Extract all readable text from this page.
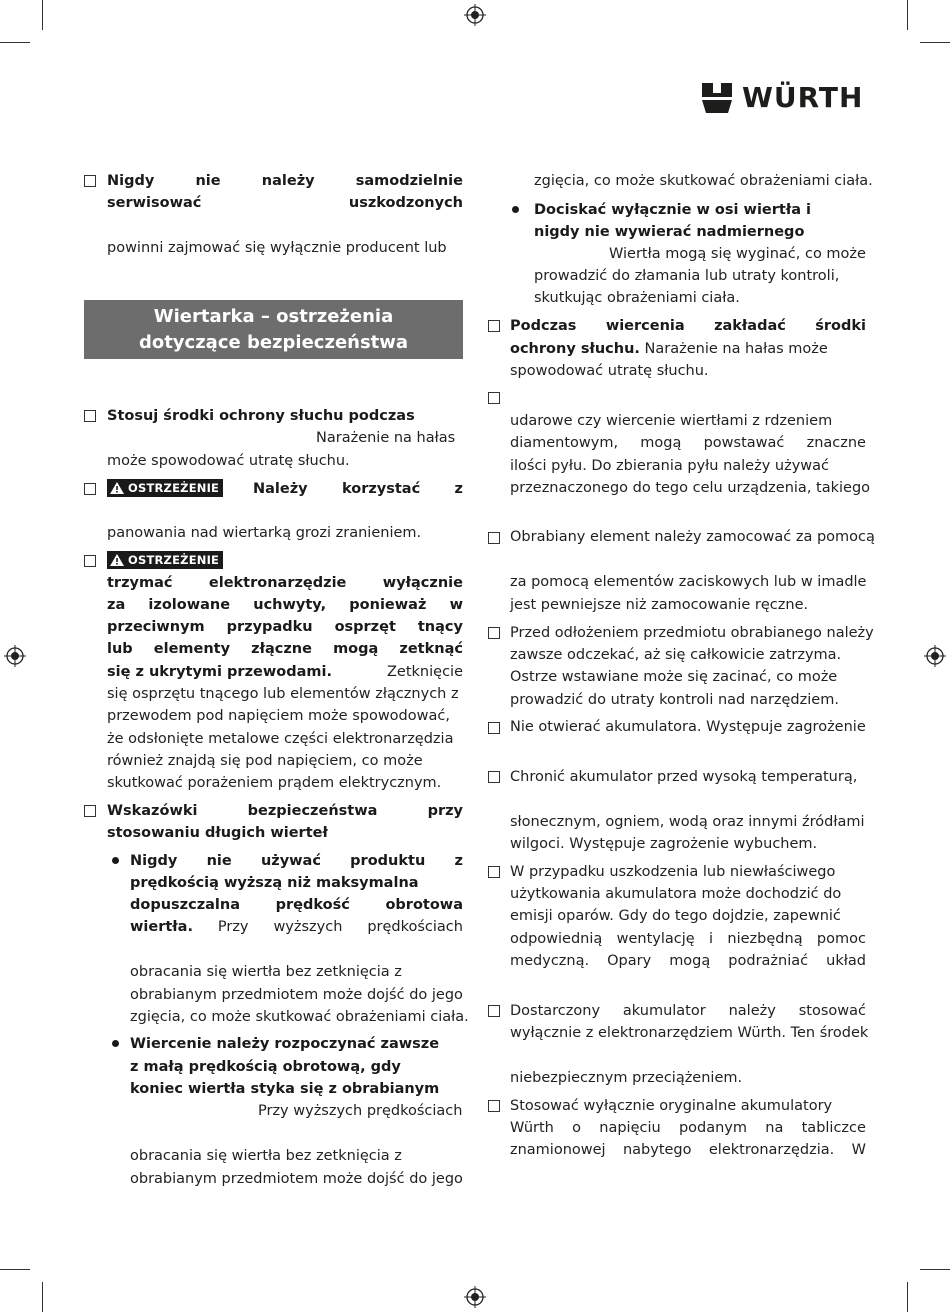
WÜRTH
Nigdy	nie	należy	samodzielnie
serwisować	uszkodzonych
powinni zajmować się wyłącznie producent lub
Wiertarka – ostrzeżenia
dotyczące bezpieczeństwa
Stosuj środki ochrony słuchu podczas
Narażenie na hałas
może spowodować utratę słuchu.
OSTRZEŻENIE Należy korzystać z
panowania nad wiertarką grozi zranieniem.
OSTRZEŻENIE
trzymać	elektronarzędzie	wyłącznie
za izolowane uchwyty, ponieważ w
przeciwnym przypadku osprzęt tnący
lub elementy złączne mogą zetknąć
się z ukrytymi przewodami.	Zetknięcie
się osprzętu tnącego lub elementów złącznych z
przewodem pod napięciem może spowodować,
że odsłonięte metalowe części elektronarzędzia
również znajdą się pod napięciem, co może
skutkować porażeniem prądem elektrycznym.
Wskazówki	bezpieczeństwa	przy
stosowaniu długich wierteł
Nigdy nie używać produktu z
prędkością wyższą niż maksymalna
dopuszczalna prędkość obrotowa
wiertła. Przy wyższych prędkościach
obracania się wiertła bez zetknięcia z
obrabianym przedmiotem może dojść do jego
zgięcia, co może skutkować obrażeniami ciała.
Wiercenie należy rozpoczynać zawsze
z małą prędkością obrotową, gdy
koniec wiertła styka się z obrabianym
Przy wyższych prędkościach
obracania się wiertła bez zetknięcia z
obrabianym przedmiotem może dojść do jego
zgięcia, co może skutkować obrażeniami ciała.
Dociskać wyłącznie w osi wiertła i
nigdy nie wywierać nadmiernego
Wiertła mogą się wyginać, co może
prowadzić do złamania lub utraty kontroli,
skutkując obrażeniami ciała.
Podczas wiercenia zakładać środki
ochrony słuchu. Narażenie na hałas może
spowodować utratę słuchu.
udarowe czy wiercenie wiertłami z rdzeniem
diamentowym, mogą powstawać znaczne
ilości pyłu. Do zbierania pyłu należy używać
przeznaczonego do tego celu urządzenia, takiego
Obrabiany element należy zamocować za pomocą
za pomocą elementów zaciskowych lub w imadle
jest pewniejsze niż zamocowanie ręczne.
Przed odłożeniem przedmiotu obrabianego należy
zawsze odczekać, aż się całkowicie zatrzyma.
Ostrze wstawiane może się zacinać, co może
prowadzić do utraty kontroli nad narzędziem.
Nie otwierać akumulatora. Występuje zagrożenie
Chronić akumulator przed wysoką temperaturą,
słonecznym, ogniem, wodą oraz innymi źródłami
wilgoci. Występuje zagrożenie wybuchem.
W przypadku uszkodzenia lub niewłaściwego
użytkowania akumulatora może dochodzić do
emisji oparów. Gdy do tego dojdzie, zapewnić
odpowiednią wentylację i niezbędną pomoc
medyczną. Opary mogą podrażniać układ
Dostarczony akumulator należy stosować
wyłącznie z elektronarzędziem Würth. Ten środek
niebezpiecznym przeciążeniem.
Stosować wyłącznie oryginalne akumulatory
Würth o napięciu podanym na tabliczce
znamionowej nabytego elektronarzędzia. W
